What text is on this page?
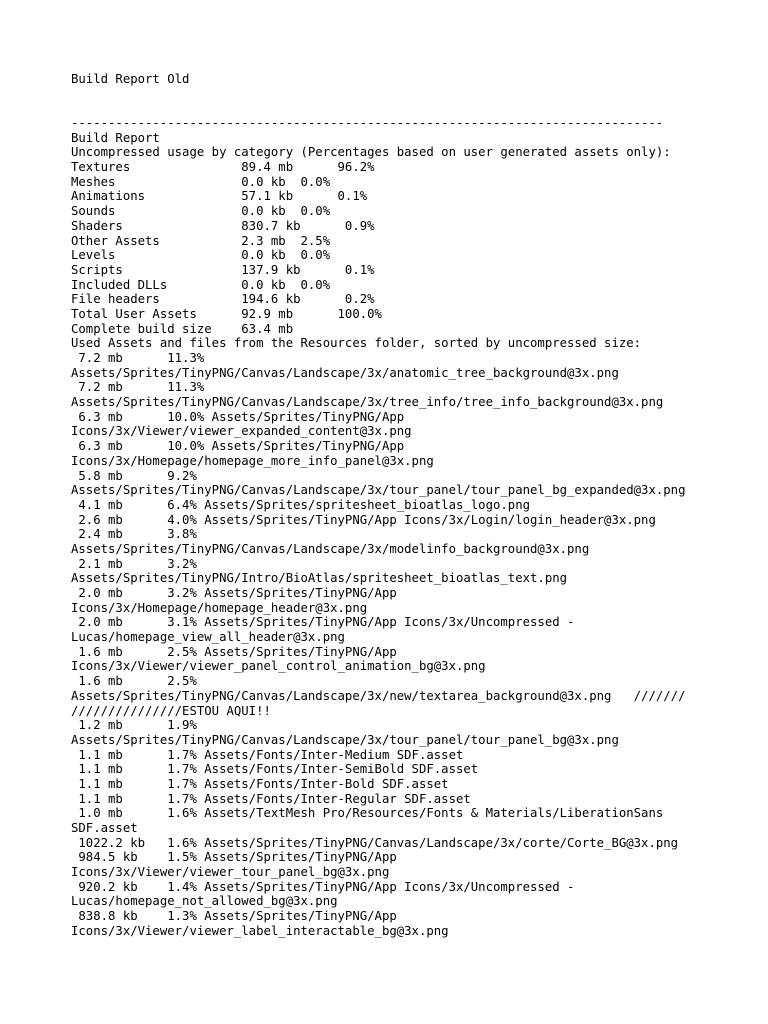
Build Report Old
--------------------------------------------------------------------------------
Build Report
Uncompressed usage by category (Percentages based on user generated assets only):
Textures               89.4 mb      96.2%
Meshes                 0.0 kb  0.0%
Animations             57.1 kb      0.1%
Sounds                 0.0 kb  0.0%
Shaders                830.7 kb      0.9%
Other Assets           2.3 mb  2.5%
Levels                 0.0 kb  0.0%
Scripts                137.9 kb      0.1%
Included DLLs          0.0 kb  0.0%
File headers           194.6 kb      0.2%
Total User Assets      92.9 mb      100.0%
Complete build size    63.4 mb
Used Assets and files from the Resources folder, sorted by uncompressed size:
7.2 mb      11.3%
Assets/Sprites/TinyPNG/Canvas/Landscape/3x/anatomic_tree_background@3x.png
7.2 mb      11.3%
Assets/Sprites/TinyPNG/Canvas/Landscape/3x/tree_info/tree_info_background@3x.png
6.3 mb      10.0% Assets/Sprites/TinyPNG/App
Icons/3x/Viewer/viewer_expanded_content@3x.png
6.3 mb      10.0% Assets/Sprites/TinyPNG/App
Icons/3x/Homepage/homepage_more_info_panel@3x.png
5.8 mb      9.2%
Assets/Sprites/TinyPNG/Canvas/Landscape/3x/tour_panel/tour_panel_bg_expanded@3x.png
4.1 mb      6.4% Assets/Sprites/spritesheet_bioatlas_logo.png
2.6 mb      4.0% Assets/Sprites/TinyPNG/App Icons/3x/Login/login_header@3x.png
2.4 mb      3.8%
Assets/Sprites/TinyPNG/Canvas/Landscape/3x/modelinfo_background@3x.png
2.1 mb      3.2%
Assets/Sprites/TinyPNG/Intro/BioAtlas/spritesheet_bioatlas_text.png
2.0 mb      3.2% Assets/Sprites/TinyPNG/App
Icons/3x/Homepage/homepage_header@3x.png
2.0 mb      3.1% Assets/Sprites/TinyPNG/App Icons/3x/Uncompressed -
Lucas/homepage_view_all_header@3x.png
1.6 mb      2.5% Assets/Sprites/TinyPNG/App
Icons/3x/Viewer/viewer_panel_control_animation_bg@3x.png
1.6 mb      2.5%
Assets/Sprites/TinyPNG/Canvas/Landscape/3x/new/textarea_background@3x.png   ///////
///////////////ESTOU AQUI!!
1.2 mb      1.9%
Assets/Sprites/TinyPNG/Canvas/Landscape/3x/tour_panel/tour_panel_bg@3x.png
1.1 mb      1.7% Assets/Fonts/Inter-Medium SDF.asset
1.1 mb      1.7% Assets/Fonts/Inter-SemiBold SDF.asset
1.1 mb      1.7% Assets/Fonts/Inter-Bold SDF.asset
1.1 mb      1.7% Assets/Fonts/Inter-Regular SDF.asset
1.0 mb      1.6% Assets/TextMesh Pro/Resources/Fonts & Materials/LiberationSans
SDF.asset
1022.2 kb   1.6% Assets/Sprites/TinyPNG/Canvas/Landscape/3x/corte/Corte_BG@3x.png
984.5 kb    1.5% Assets/Sprites/TinyPNG/App
Icons/3x/Viewer/viewer_tour_panel_bg@3x.png
920.2 kb    1.4% Assets/Sprites/TinyPNG/App Icons/3x/Uncompressed -
Lucas/homepage_not_allowed_bg@3x.png
838.8 kb    1.3% Assets/Sprites/TinyPNG/App
Icons/3x/Viewer/viewer_label_interactable_bg@3x.png
